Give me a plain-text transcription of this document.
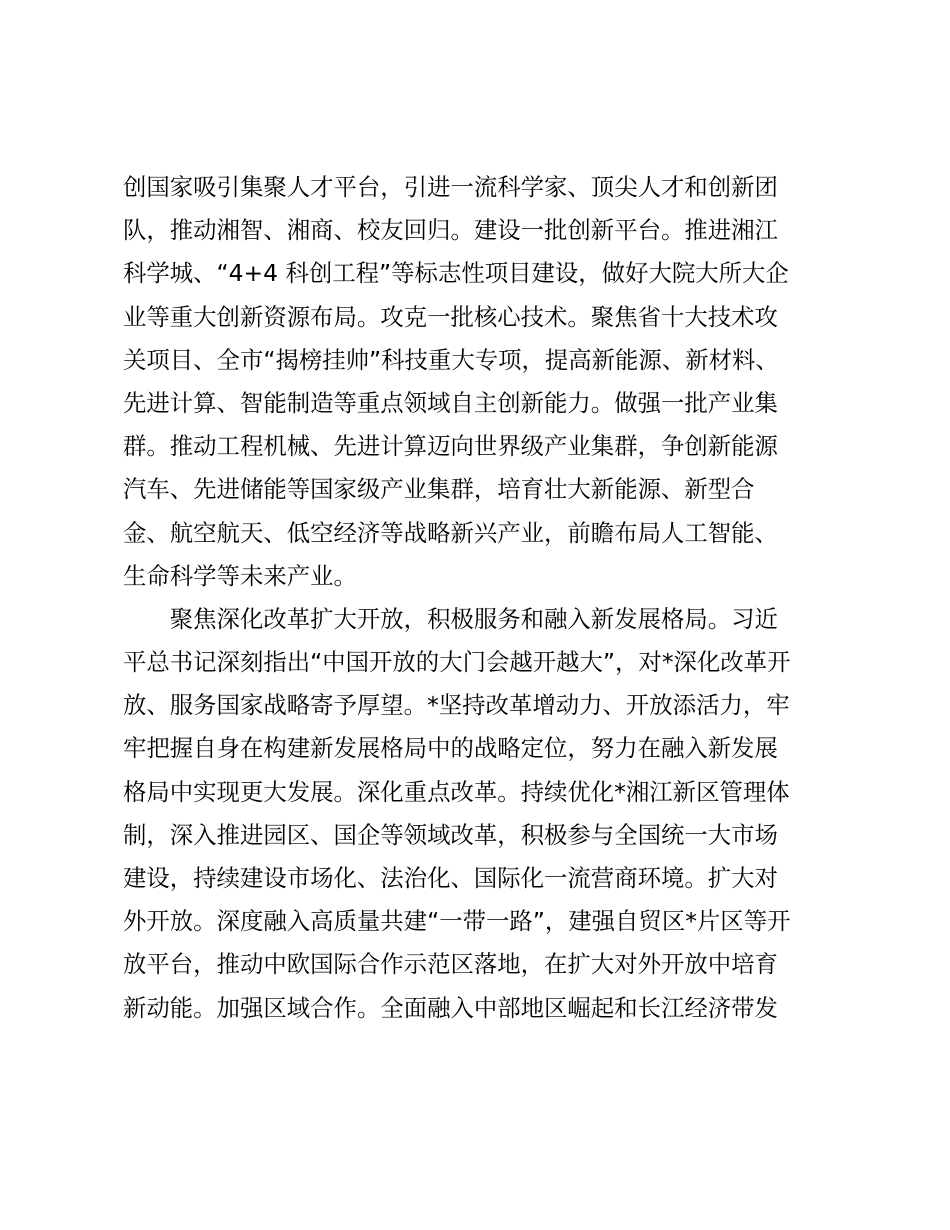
创国家吸引集聚人才平台，引进一流科学家、顶尖人才和创新团
队，推动湘智、湘商、校友回归。建设一批创新平台。推进湘江
科学城、“4+4 科创工程”等标志性项目建设，做好大院大所大企
业等重大创新资源布局。攻克一批核心技术。聚焦省十大技术攻
关项目、全市“揭榜挂帅”科技重大专项，提高新能源、新材料、
先进计算、智能制造等重点领域自主创新能力。做强一批产业集
群。推动工程机械、先进计算迈向世界级产业集群，争创新能源
汽车、先进储能等国家级产业集群，培育壮大新能源、新型合
金、航空航天、低空经济等战略新兴产业，前瞻布局人工智能、
生命科学等未来产业。
　　聚焦深化改革扩大开放，积极服务和融入新发展格局。习近
平总书记深刻指出“中国开放的大门会越开越大”，对*深化改革开
放、服务国家战略寄予厚望。*坚持改革增动力、开放添活力，牢
牢把握自身在构建新发展格局中的战略定位，努力在融入新发展
格局中实现更大发展。深化重点改革。持续优化*湘江新区管理体
制，深入推进园区、国企等领域改革，积极参与全国统一大市场
建设，持续建设市场化、法治化、国际化一流营商环境。扩大对
外开放。深度融入高质量共建“一带一路”，建强自贸区*片区等开
放平台，推动中欧国际合作示范区落地，在扩大对外开放中培育
新动能。加强区域合作。全面融入中部地区崛起和长江经济带发
